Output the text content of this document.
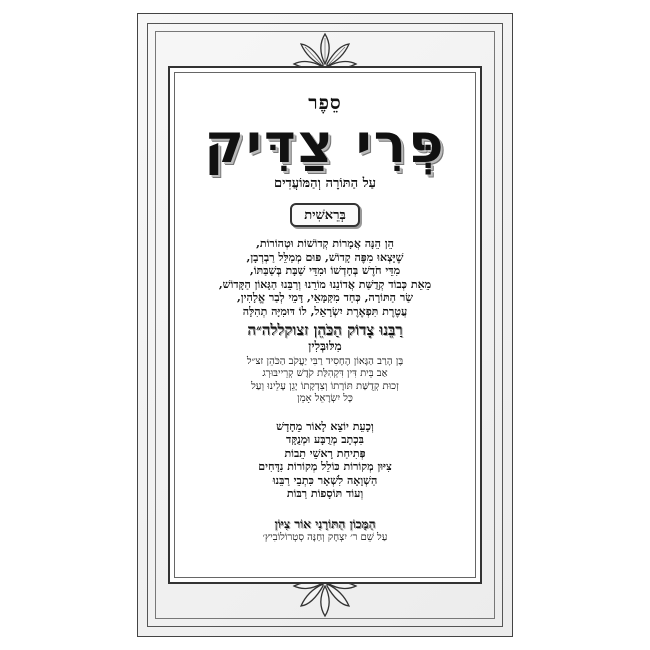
סֵפֶר
פְּרִי צַדִּיק
עַל הַתּוֹרָה וְהַמּוֹעֲדִים
בְּרֵאשִׁית
הֵן הֵנָּה אֲמָרוֹת קְדוֹשׁוֹת וּטְהוֹרוֹת,
שֶׁיָּצְאוּ מִפֶּה קָדוֹשׁ, פּוּם מְמַלֵּל רַבְרְבָן,
מִדֵּי חֹדֶשׁ בְּחָדְשׁוֹ וּמִדֵּי שַׁבָּת בְּשַׁבַּתּוֹ,
מֵאֵת כְּבוֹד קְדֻשַּׁת אֲדוֹנֵנוּ מוֹרֵנוּ וְרַבֵּנוּ הַגָּאוֹן הַקָּדוֹשׁ,
שַׂר הַתּוֹרָה, כְּחַד מִקַּמָּאֵי, דָּמֵי לְבַר אֱלָהִין,
עֲטֶרֶת תִּפְאֶרֶת יִשְׂרָאֵל, לוֹ דּוּמִיָּה תְהִלָּה
רַבֵּנוּ צָדוֹק הַכֹּהֵן זצוקללה״ה
מִלּוּבְּלִין
בֶּן הָרַב הַגָּאוֹן הֶחָסִיד רַבִּי יַעֲקֹב הַכֹּהֵן זצ״ל
אַב בֵּית דִּין דִּקְהִלַּת קֹדֶשׁ קְרֵייבּוּרְג
זְכוּת קְדֻשַּׁת תּוֹרָתוֹ וְצִדְקָתוֹ יָגֵן עָלֵינוּ וְעַל
כָּל יִשְׂרָאֵל אָמֵן
וְכָעֵת יוֹצֵא לָאוֹר מֵחָדָשׁ
בִּכְתָב מְרֻבָּע וּמְנֻקָּד
פְּתִיחַת רָאשֵׁי תֵבוֹת
צִיּוּן מְקוֹרוֹת כּוֹלֵל מְקוֹרוֹת נִדָּחִים
הַשְׁוָאָה לִשְׁאָר כִּתְבֵי רַבֵּנוּ
וְעוֹד תּוֹסָפוֹת רַבּוֹת
הַמָּכוֹן הַתּוֹרָנִי אוֹר צִיּוֹן
עַל שֵׁם ר׳ יִצְחָק וְחַנָּה סְטְרוֹלוֹבִיץ׳
